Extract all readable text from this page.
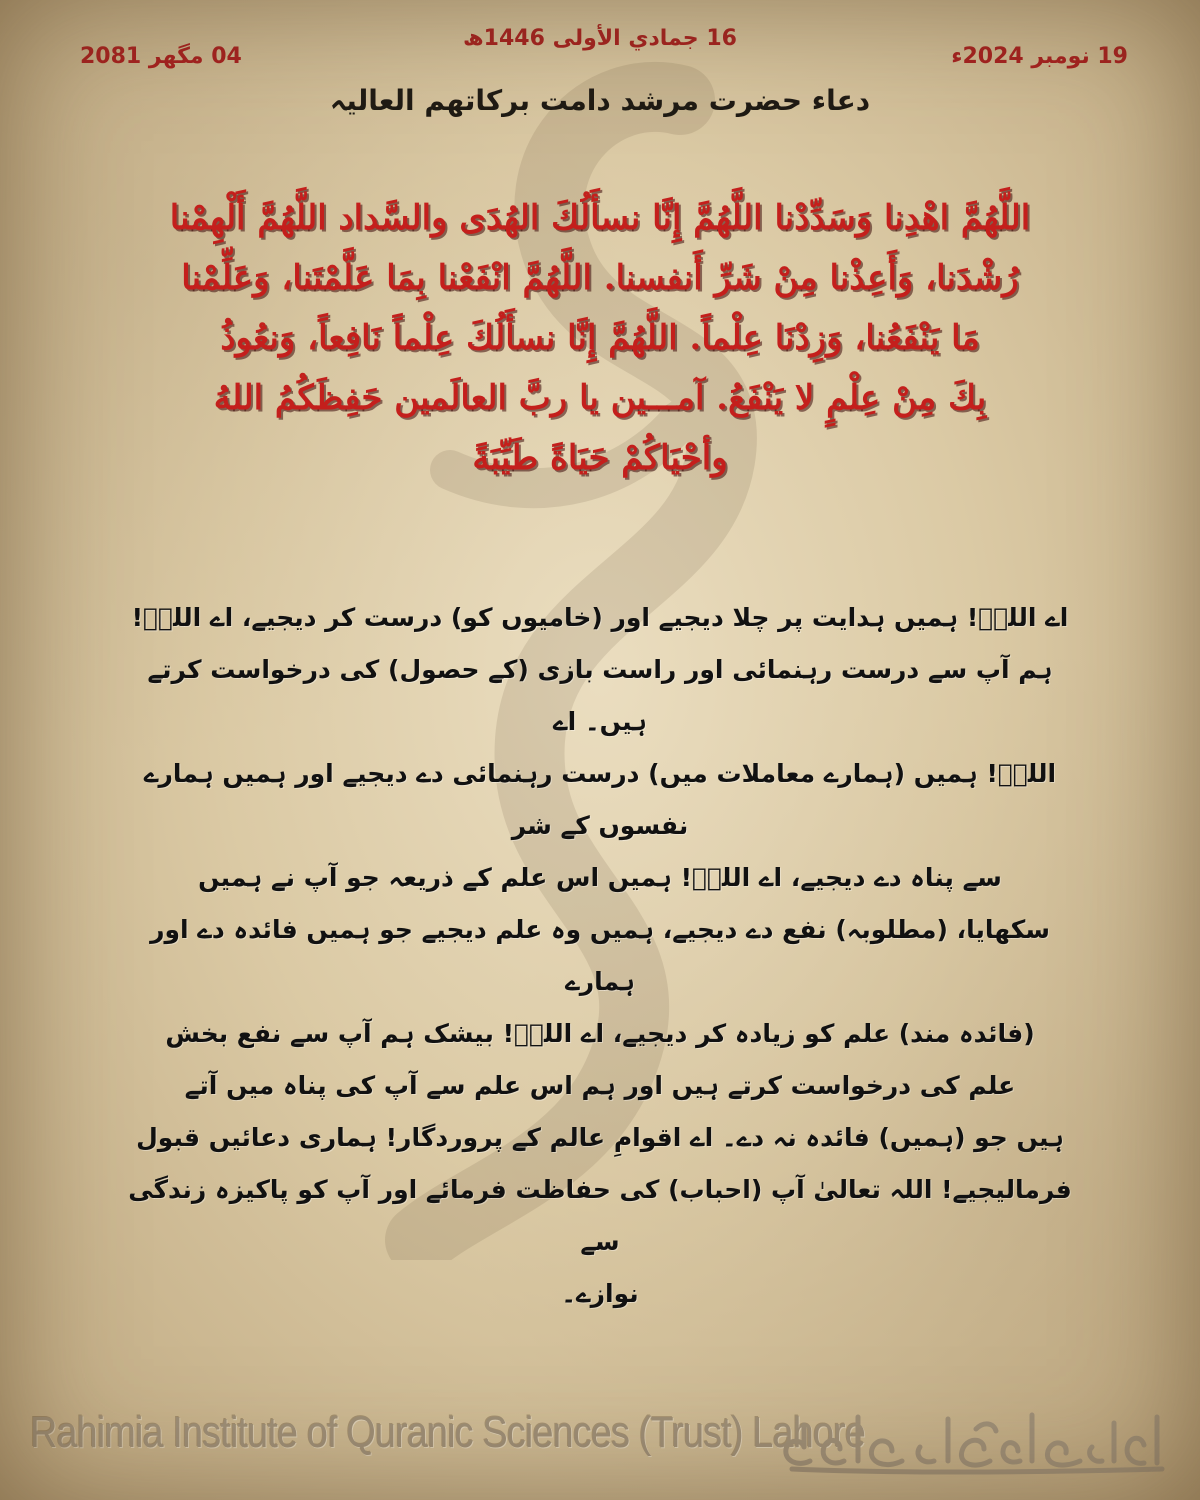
16 جمادي الأولى 1446ھ
19 نومبر 2024ء
04 مگھر 2081
دعاء حضرت مرشد دامت برکاتھم العالیہ
اللَّهُمَّ اهْدِنا وَسَدِّدْنا اللَّهُمَّ إِنَّا نسأَلُكَ الهُدَى والسَّداد اللَّهُمَّ أَلْهِمْنا
رُشْدَنا، وَأَعِذْنا مِنْ شَرِّ أَنفسنا. اللَّهُمَّ انْفَعْنا بِمَا عَلَّمْتَنا، وَعَلِّمْنا
مَا يَنْفَعُنا، وَزِدْنَا عِلْماً. اللَّهُمَّ إِنَّا نسأَلُكَ عِلْماً نَافِعاً، وَنعُوذُ
بِكَ مِنْ عِلْمٍ لا يَنْفَعُ. آمـــين يا ربَّ العالَمين حَفِظَكُمُ اللهُ
وأحْيَاكُمْ حَيَاةً طَيِّبَةً
اے اللہؒ! ہمیں ہدایت پر چلا دیجیے اور (خامیوں کو) درست کر دیجیے، اے اللہؒ!
ہم آپ سے درست رہنمائی اور راست بازی (کے حصول) کی درخواست کرتے ہیں۔ اے
اللہؒ! ہمیں (ہمارے معاملات میں) درست رہنمائی دے دیجیے اور ہمیں ہمارے نفسوں کے شر
سے پناہ دے دیجیے، اے اللہؒ! ہمیں اس علم کے ذریعہ جو آپ نے ہمیں
سکھایا، (مطلوبہ) نفع دے دیجیے، ہمیں وہ علم دیجیے جو ہمیں فائدہ دے اور ہمارے
(فائدہ مند) علم کو زیادہ کر دیجیے، اے اللہؒ! بیشک ہم آپ سے نفع بخش
علم کی درخواست کرتے ہیں اور ہم اس علم سے آپ کی پناہ میں آتے
ہیں جو (ہمیں) فائدہ نہ دے۔ اے اقوامِ عالم کے پروردگار! ہماری دعائیں قبول
فرمالیجیے! اللہ تعالیٰ آپ (احباب) کی حفاظت فرمائے اور آپ کو پاکیزہ زندگی سے
نوازے۔
Rahimia Institute of Quranic Sciences (Trust) Lahore
